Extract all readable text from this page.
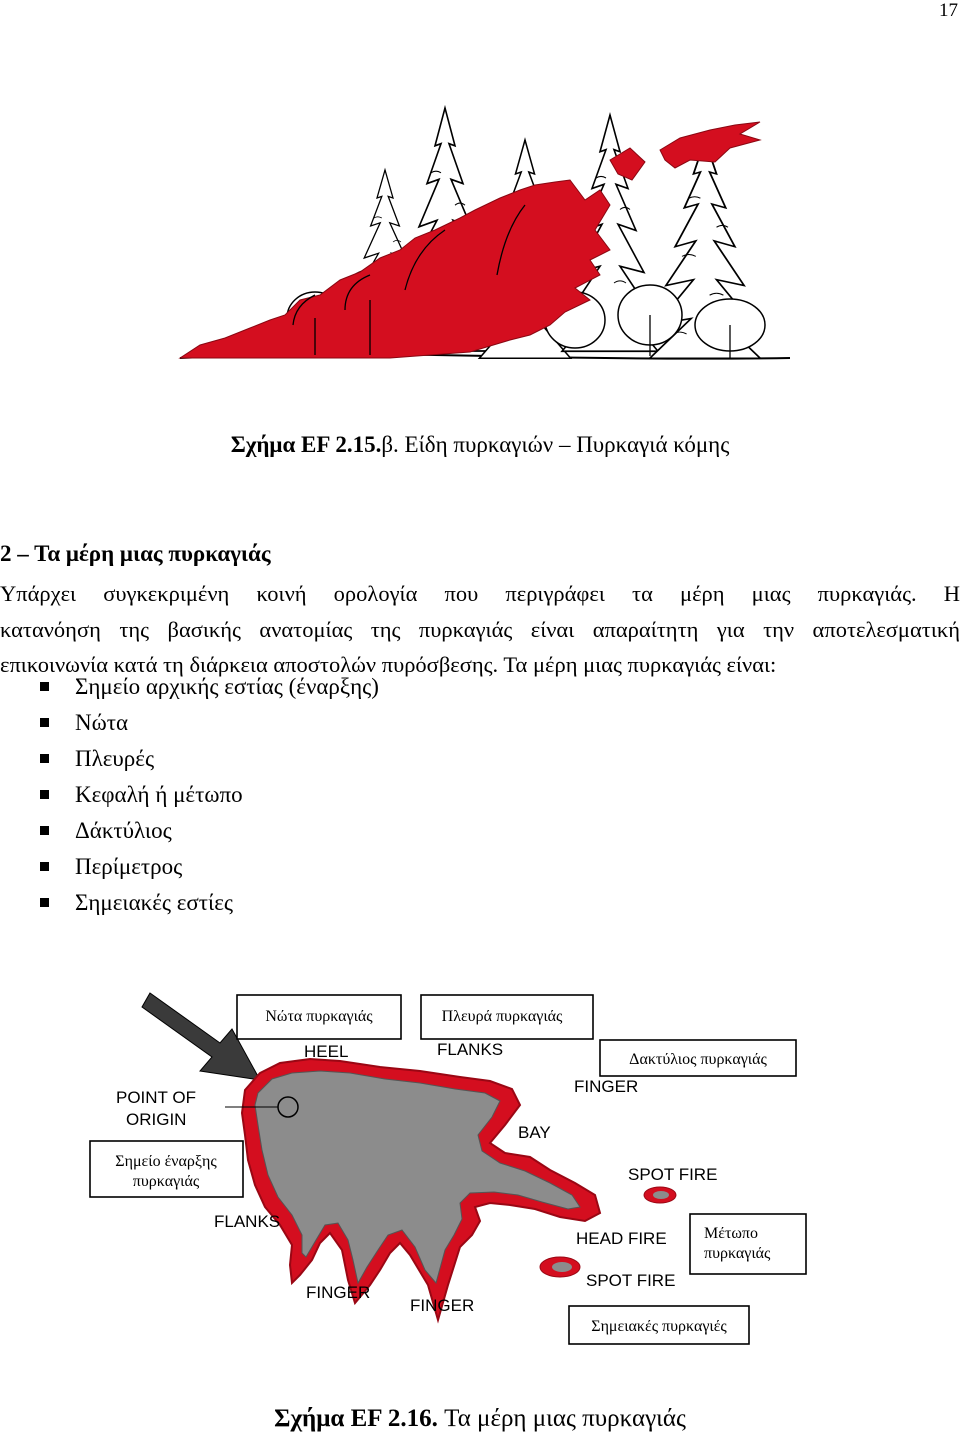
17
Σχήμα EF 2.15.β. Είδη πυρκαγιών – Πυρκαγιά κόμης
2 – Τα μέρη μιας πυρκαγιάς
Υπάρχει συγκεκριμένη κοινή ορολογία που περιγράφει τα μέρη μιας πυρκαγιάς. Η
κατανόηση της βασικής ανατομίας της πυρκαγιάς είναι απαραίτητη για την αποτελεσματική
επικοινωνία κατά τη διάρκεια αποστολών πυρόσβεσης. Τα μέρη μιας πυρκαγιάς είναι:
Σημείο αρχικής εστίας (έναρξης)
Νώτα
Πλευρές
Κεφαλή ή μέτωπο
Δάκτύλιος
Περίμετρος
Σημειακές εστίες
HEEL	FLANKS
FINGER
POINT OF
ORIGIN
BAY
SPOT FIRE
FLANKS
HEAD FIRE
SPOT FIRE
FINGER
FINGER
Νώτα πυρκαγιάς	Πλευρά πυρκαγιάς
Δακτύλιος πυρκαγιάς
Σημείο έναρξης
πυρκαγιάς
Μέτωπο
πυρκαγιάς
Σημειακές πυρκαγιές
Σχήμα EF 2.16. Τα μέρη μιας πυρκαγιάς
